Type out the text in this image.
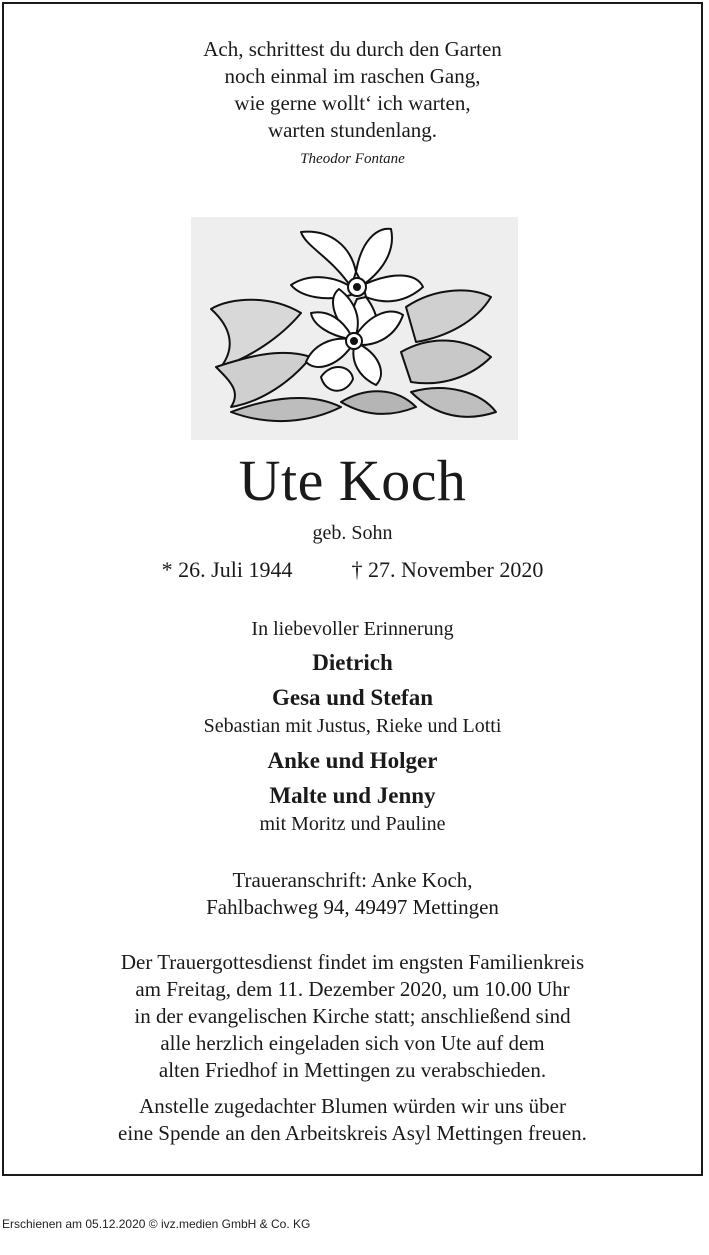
Ach, schrittest du durch den Garten
noch einmal im raschen Gang,
wie gerne wollt‘ ich warten,
warten stundenlang.
Theodor Fontane
Ute Koch
geb. Sohn
* 26. Juli 1944	† 27. November 2020
In liebevoller Erinnerung
Dietrich
Gesa und Stefan
Sebastian mit Justus, Rieke und Lotti
Anke und Holger
Malte und Jenny
mit Moritz und Pauline
Traueranschrift: Anke Koch,
Fahlbachweg 94, 49497 Mettingen
Der Trauergottesdienst findet im engsten Familienkreis
am Freitag, dem 11. Dezember 2020, um 10.00 Uhr
in der evangelischen Kirche statt; anschließend sind
alle herzlich eingeladen sich von Ute auf dem
alten Friedhof in Mettingen zu verabschieden.
Anstelle zugedachter Blumen würden wir uns über
eine Spende an den Arbeitskreis Asyl Mettingen freuen.
Erschienen am 05.12.2020 © ivz.medien GmbH & Co. KG
